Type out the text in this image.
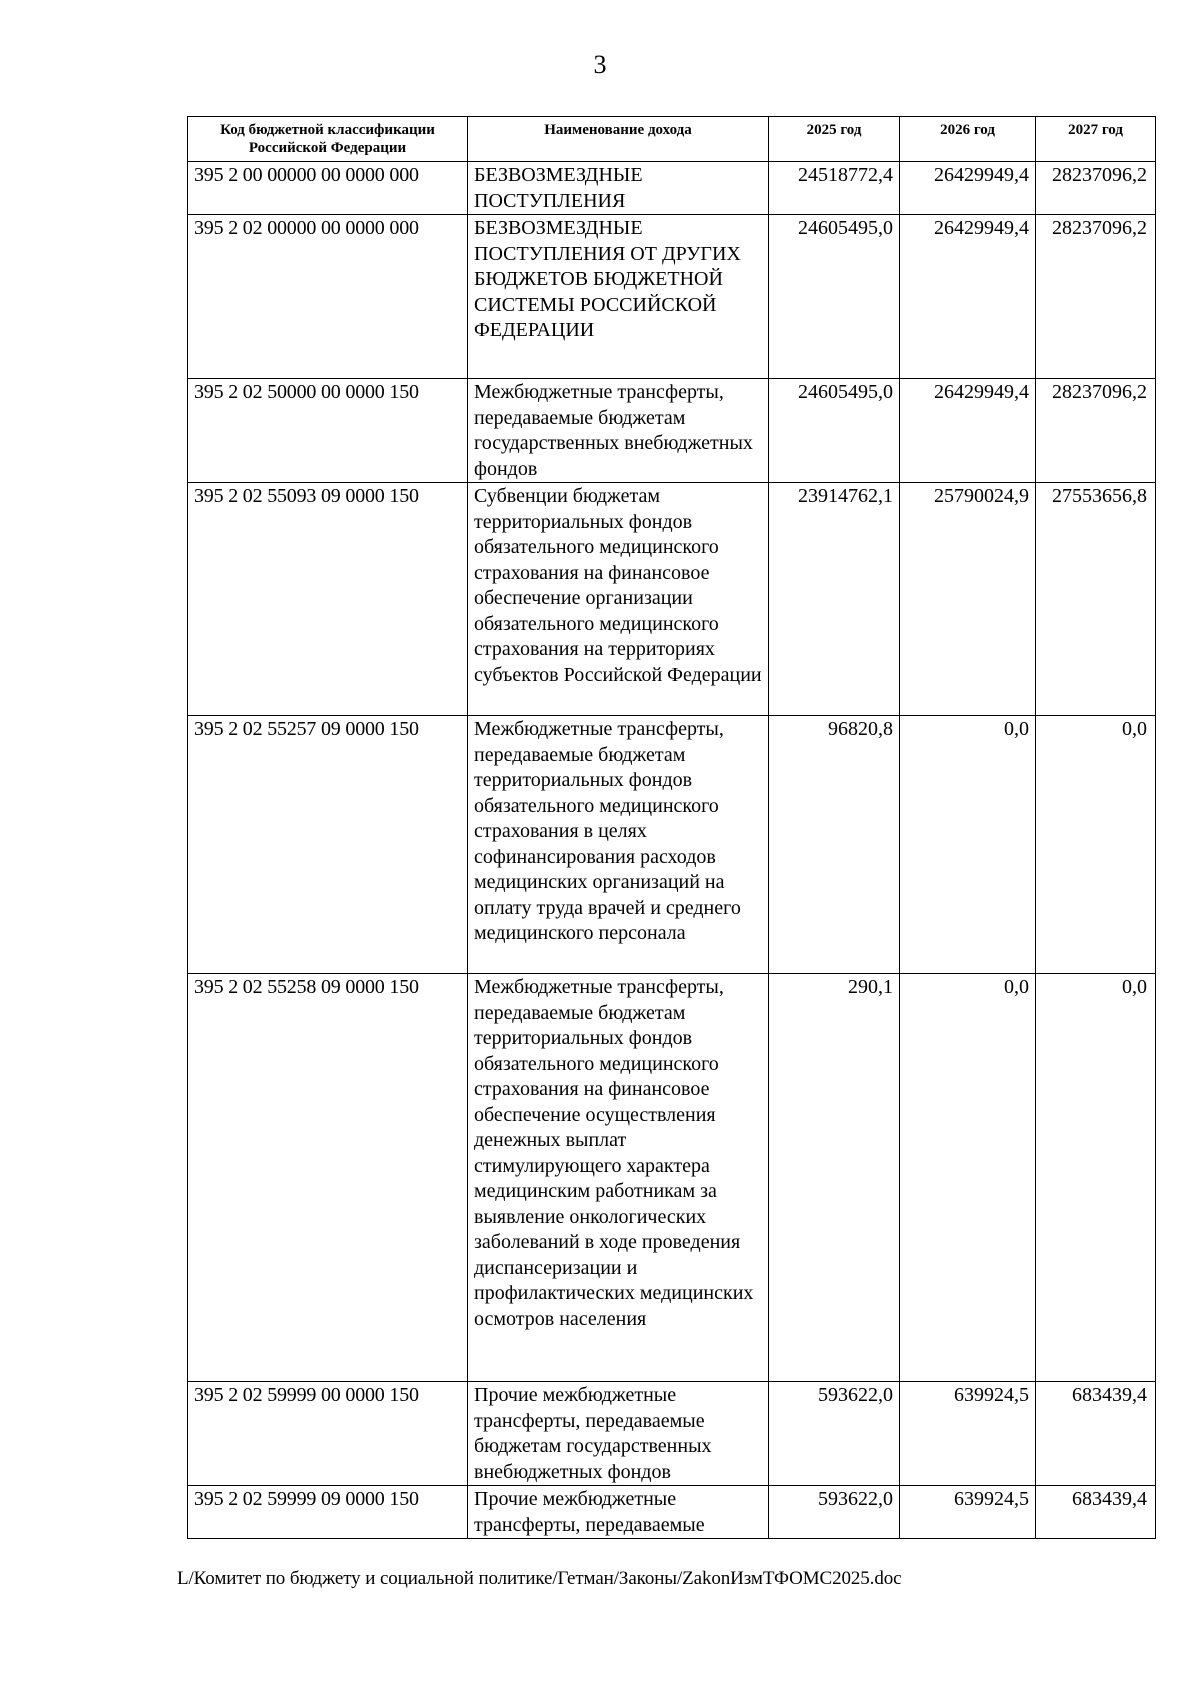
3
Код бюджетной классификации Российской Федерации	Наименование дохода	2025 год	2026 год	2027 год
395 2 00 00000 00 0000 000	БЕЗВОЗМЕЗДНЫЕ ПОСТУПЛЕНИЯ	24518772,4	26429949,4	28237096,2
395 2 02 00000 00 0000 000	БЕЗВОЗМЕЗДНЫЕ ПОСТУПЛЕНИЯ ОТ ДРУГИХ БЮДЖЕТОВ БЮДЖЕТНОЙ СИСТЕМЫ РОССИЙСКОЙ ФЕДЕРАЦИИ	24605495,0	26429949,4	28237096,2
395 2 02 50000 00 0000 150	Межбюджетные трансферты, передаваемые бюджетам государственных внебюджетных фондов	24605495,0	26429949,4	28237096,2
395 2 02 55093 09 0000 150	Субвенции бюджетам территориальных фондов обязательного медицинского страхования на финансовое обеспечение организации обязательного медицинского страхования на территориях субъектов Российской Федерации	23914762,1	25790024,9	27553656,8
395 2 02 55257 09 0000 150	Межбюджетные трансферты, передаваемые бюджетам территориальных фондов обязательного медицинского страхования в целях софинансирования расходов медицинских организаций на оплату труда врачей и среднего медицинского персонала	96820,8	0,0	0,0
395 2 02 55258 09 0000 150	Межбюджетные трансферты, передаваемые бюджетам территориальных фондов обязательного медицинского страхования на финансовое обеспечение осуществления денежных выплат стимулирующего характера медицинским работникам за выявление онкологических заболеваний в ходе проведения диспансеризации и профилактических медицинских осмотров населения	290,1	0,0	0,0
395 2 02 59999 00 0000 150	Прочие межбюджетные трансферты, передаваемые бюджетам государственных внебюджетных фондов	593622,0	639924,5	683439,4
395 2 02 59999 09 0000 150	Прочие межбюджетные трансферты, передаваемые	593622,0	639924,5	683439,4
L/Комитет по бюджету и социальной политике/Гетман/Законы/ZakonИзмТФОМС2025.doc
